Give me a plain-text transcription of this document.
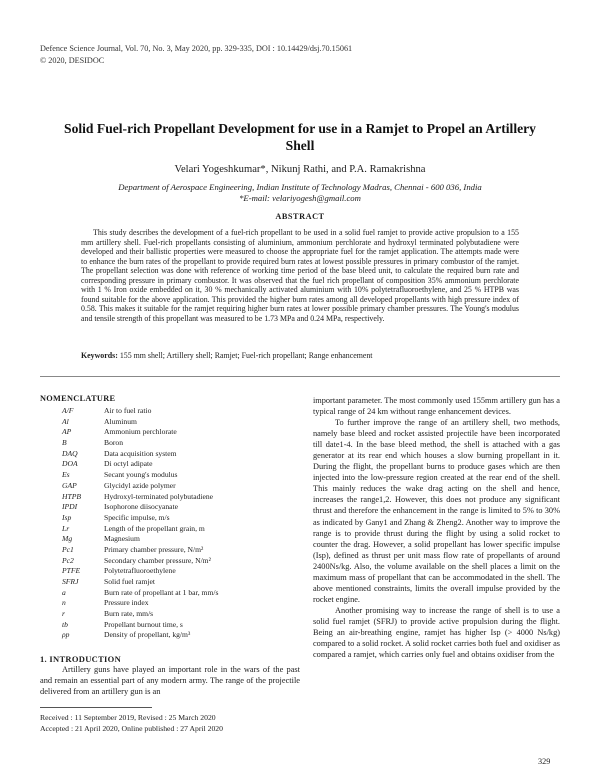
Defence Science Journal, Vol. 70, No. 3, May 2020, pp. 329-335, DOI : 10.14429/dsj.70.15061
© 2020, DESIDOC
Solid Fuel-rich Propellant Development for use in a Ramjet to Propel an Artillery Shell
Velari Yogeshkumar*, Nikunj Rathi, and P.A. Ramakrishna
Department of Aerospace Engineering, Indian Institute of Technology Madras, Chennai - 600 036, India
*E-mail: velariyogesh@gmail.com
ABSTRACT

This study describes the development of a fuel-rich propellant to be used in a solid fuel ramjet to provide active propulsion to a 155 mm artillery shell. Fuel-rich propellants consisting of aluminium, ammonium perchlorate and hydroxyl terminated polybutadiene were developed and their ballistic properties were measured to choose the appropriate fuel for the ramjet application. The attempts made were to enhance the burn rates of the propellant to provide required burn rates at lowest possible pressures in primary combustor of the ramjet. The propellant selection was done with reference of working time period of the base bleed unit, to calculate the required burn rate and corresponding pressure in primary combustor. It was observed that the fuel rich propellant of composition 35% ammonium perchlorate with 1 % Iron oxide embedded on it, 30 % mechanically activated aluminium with 10% polytetrafluoroethylene, and 25 % HTPB was found suitable for the above application. This provided the higher burn rates among all developed propellants with high pressure index of 0.58. This makes it suitable for the ramjet requiring higher burn rates at lower possible primary chamber pressures. The Young's modulus and tensile strength of this propellant was measured to be 1.73 MPa and 0.24 MPa, respectively.

Keywords: 155 mm shell; Artillery shell; Ramjet; Fuel-rich propellant; Range enhancement
NOMENCLATURE
A/F	Air to fuel ratio
Al	Aluminum
AP	Ammonium perchlorate
B	Boron
DAQ	Data acquisition system
DOA	Di octyl adipate
Es	Secant young's modulus
GAP	Glycidyl azide polymer
HTPB	Hydroxyl-terminated polybutadiene
IPDI	Isophorone diisocyanate
Isp	Specific impulse, m/s
Lr	Length of the propellant grain, m
Mg	Magnesium
Pc1	Primary chamber pressure, N/m²
Pc2	Secondary chamber pressure, N/m²
PTFE	Polytetrafluoroethylene
SFRJ	Solid fuel ramjet
a	Burn rate of propellant at 1 bar, mm/s
n	Pressure index
r	Burn rate, mm/s
tb	Propellant burnout time, s
ρp	Density of propellant, kg/m³
1. INTRODUCTION

Artillery guns have played an important role in the wars of the past and remain an essential part of any modern army. The range of the projectile delivered from an artillery gun is an

Received : 11 September 2019, Revised : 25 March 2020
Accepted : 21 April 2020, Online published : 27 April 2020

important parameter. The most commonly used 155mm artillery gun has a typical range of 24 km without range enhancement devices.

To further improve the range of an artillery shell, two methods, namely base bleed and rocket assisted projectile have been incorporated till date1-4. In the base bleed method, the shell is attached with a gas generator at its rear end which houses a slow burning propellant in it. During the flight, the propellant burns to produce gases which are then injected into the low-pressure region created at the rear end of the shell. This mainly reduces the wake drag acting on the shell and hence, increases the range1,2. However, this does not produce any significant thrust and therefore the enhancement in the range is limited to 5% to 30% as indicated by Gany1 and Zhang & Zheng2. Another way to improve the range is to provide thrust during the flight by using a solid rocket to counter the drag. However, a solid propellant has lower specific impulse (Isp), defined as thrust per unit mass flow rate of propellants of around 2400Ns/kg. Also, the volume available on the shell places a limit on the maximum mass of propellant that can be accommodated in the shell. The above mentioned constraints, limits the overall impulse provided by the rocket engine.

Another promising way to increase the range of shell is to use a solid fuel ramjet (SFRJ) to provide active propulsion during the flight. Being an air-breathing engine, ramjet has higher Isp (> 4000 Ns/kg) compared to a solid rocket. A solid rocket carries both fuel and oxidiser as compared a ramjet, which carries only fuel and obtains oxidiser from the

329
